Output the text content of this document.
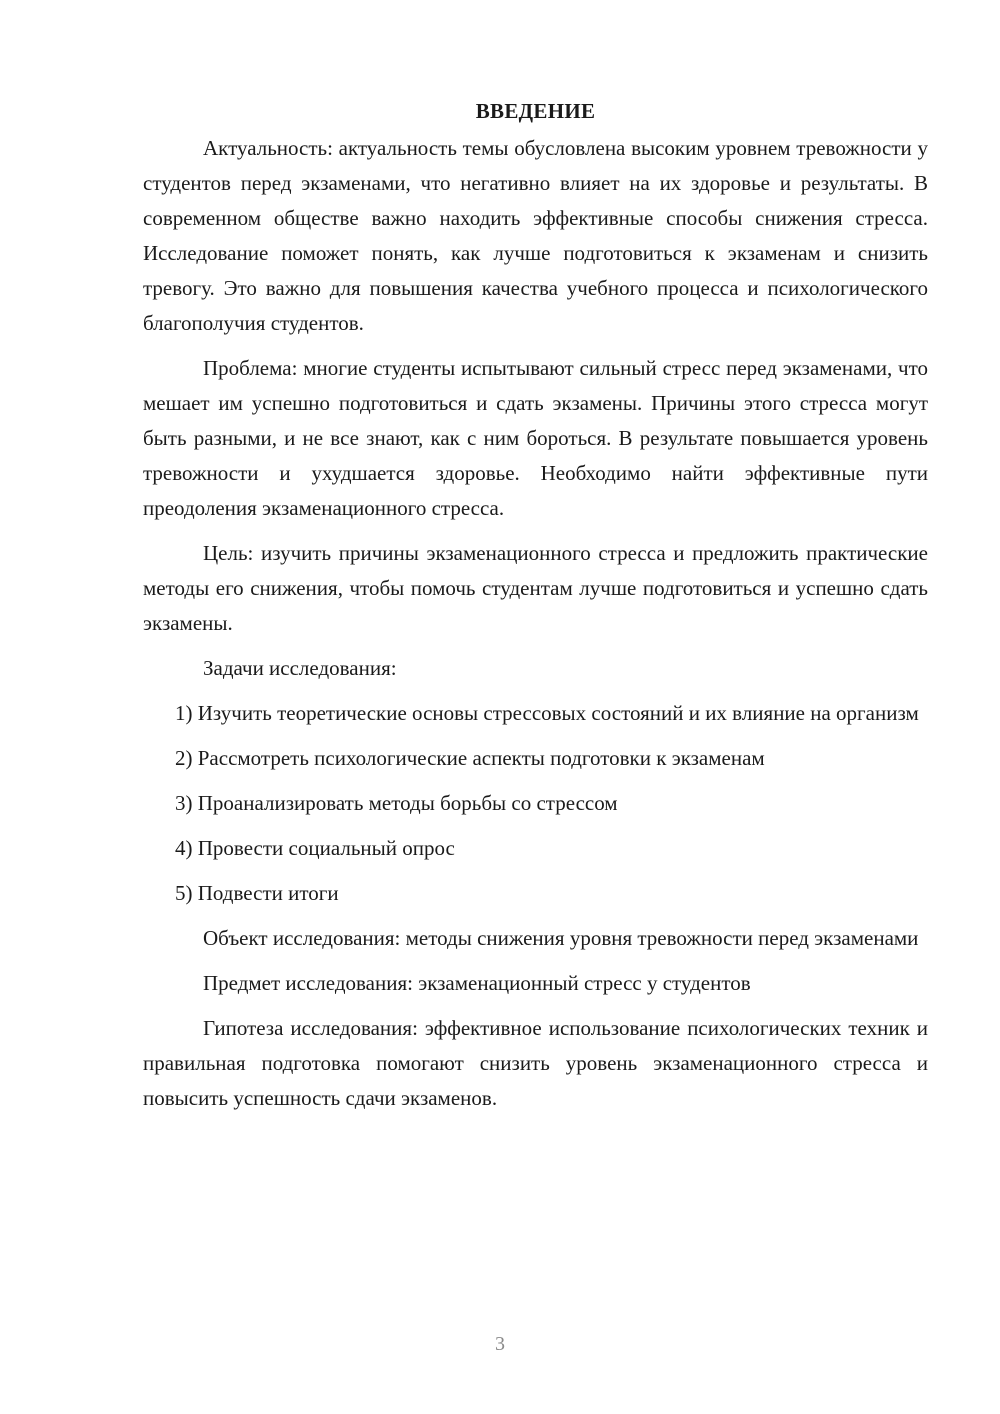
ВВЕДЕНИЕ

Актуальность: актуальность темы обусловлена высоким уровнем тревожности у студентов перед экзаменами, что негативно влияет на их здоровье и результаты. В современном обществе важно находить эффективные способы снижения стресса. Исследование поможет понять, как лучше подготовиться к экзаменам и снизить тревогу. Это важно для повышения качества учебного процесса и психологического благополучия студентов.

Проблема: многие студенты испытывают сильный стресс перед экзаменами, что мешает им успешно подготовиться и сдать экзамены. Причины этого стресса могут быть разными, и не все знают, как с ним бороться. В результате повышается уровень тревожности и ухудшается здоровье. Необходимо найти эффективные пути преодоления экзаменационного стресса.

Цель: изучить причины экзаменационного стресса и предложить практические методы его снижения, чтобы помочь студентам лучше подготовиться и успешно сдать экзамены.

Задачи исследования:

1) Изучить теоретические основы стрессовых состояний и их влияние на организм

2) Рассмотреть психологические аспекты подготовки к экзаменам

3) Проанализировать методы борьбы со стрессом

4) Провести социальный опрос

5) Подвести итоги

Объект исследования: методы снижения уровня тревожности перед экзаменами

Предмет исследования: экзаменационный стресс у студентов

Гипотеза исследования: эффективное использование психологических техник и правильная подготовка помогают снизить уровень экзаменационного стресса и повысить успешность сдачи экзаменов.

3
